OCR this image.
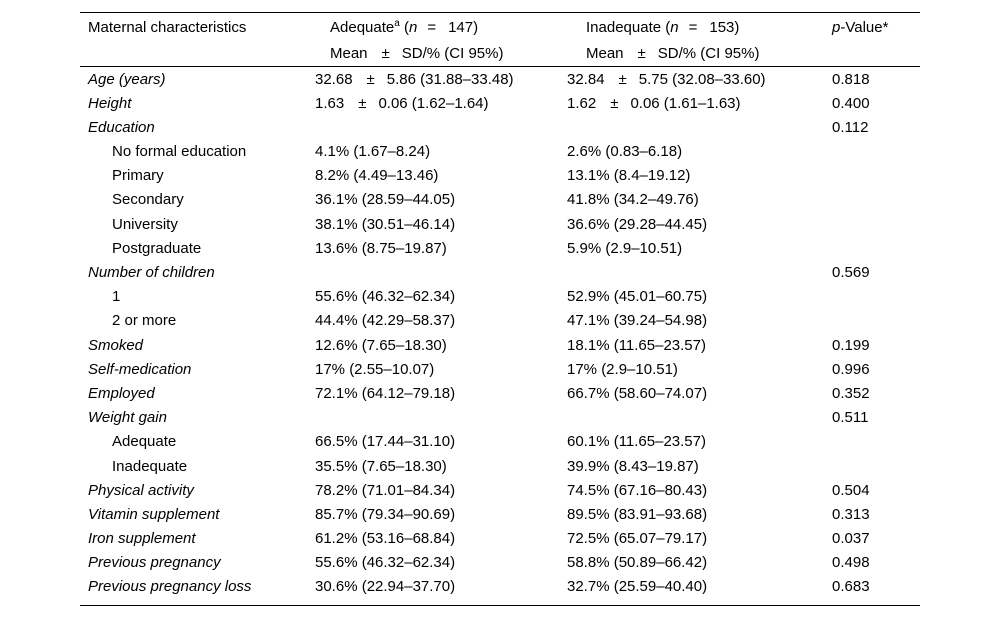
Maternal characteristics	Adequate$^a$ (n = 147)	Inadequate (n = 153)	p-Value*
	Mean ± SD/% (CI 95%)	Mean ± SD/% (CI 95%)	
Age (years)	32.68 ± 5.86 (31.88–33.48)	32.84 ± 5.75 (32.08–33.60)	0.818
Height	1.63 ± 0.06 (1.62–1.64)	1.62 ± 0.06 (1.61–1.63)	0.400
Education			0.112
No formal education	4.1% (1.67–8.24)	2.6% (0.83–6.18)	
Primary	8.2% (4.49–13.46)	13.1% (8.4–19.12)	
Secondary	36.1% (28.59–44.05)	41.8% (34.2–49.76)	
University	38.1% (30.51–46.14)	36.6% (29.28–44.45)	
Postgraduate	13.6% (8.75–19.87)	5.9% (2.9–10.51)	
Number of children			0.569
1	55.6% (46.32–62.34)	52.9% (45.01–60.75)	
2 or more	44.4% (42.29–58.37)	47.1% (39.24–54.98)	
Smoked	12.6% (7.65–18.30)	18.1% (11.65–23.57)	0.199
Self-medication	17% (2.55–10.07)	17% (2.9–10.51)	0.996
Employed	72.1% (64.12–79.18)	66.7% (58.60–74.07)	0.352
Weight gain			0.511
Adequate	66.5% (17.44–31.10)	60.1% (11.65–23.57)	
Inadequate	35.5% (7.65–18.30)	39.9% (8.43–19.87)	
Physical activity	78.2% (71.01–84.34)	74.5% (67.16–80.43)	0.504
Vitamin supplement	85.7% (79.34–90.69)	89.5% (83.91–93.68)	0.313
Iron supplement	61.2% (53.16–68.84)	72.5% (65.07–79.17)	0.037
Previous pregnancy	55.6% (46.32–62.34)	58.8% (50.89–66.42)	0.498
Previous pregnancy loss	30.6% (22.94–37.70)	32.7% (25.59–40.40)	0.683
